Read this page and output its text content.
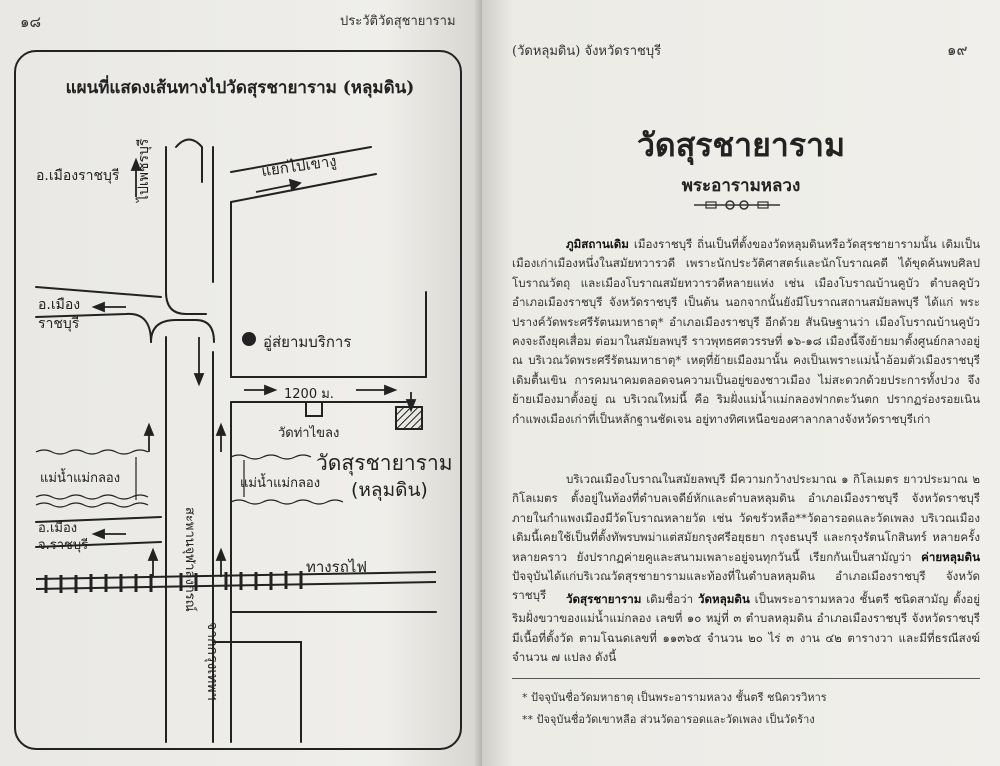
๑๘	ประวัติวัดสุชายาราม
แผนที่แสดงเส้นทางไปวัดสุรชายาราม (หลุมดิน)
ไปเพชรบุรี
อ.เมืองราชบุรี	แยกไปเขางู
อ.เมือง
ราชบุรี
อู่ส่ยามบริการ
1200 ม.
วัดท่าไขลง
วัดสุรชายาราม
(หลุมดิน)
แม่น้ำแม่กลอง	แม่น้ำแม่กลอง
สะพานจุฬาลงกรณ์
อ.เมือง
จ.ราชบุรี
ทางรถไฟ
จากกรุงเทพฯ
(วัดหลุมดิน) จังหวัดราชบุรี	๑๙
วัดสุรชายาราม
พระอารามหลวง
ภูมิสถานเดิม เมืองราชบุรี ถิ่นเป็นที่ตั้งของวัดหลุมดินหรือวัดสุรชายารามนั้น เดิมเป็นเมืองเก่าเมืองหนึ่งในสมัยทวารวดี เพราะนักประวัติศาสตร์และนักโบราณคดี ได้ขุดค้นพบศิลปโบราณวัตถุ และเมืองโบราณสมัยทวารวดีหลายแห่ง เช่น เมืองโบราณบ้านคูบัว ตำบลคูบัว อำเภอเมืองราชบุรี จังหวัดราชบุรี เป็นต้น นอกจากนั้นยังมีโบราณสถานสมัยลพบุรี ได้แก่ พระปรางค์วัดพระศรีรัตนมหาธาตุ* อำเภอเมืองราชบุรี อีกด้วย สันนิษฐานว่า เมืองโบราณบ้านคูบัว คงจะถึงยุคเสื่อม ต่อมาในสมัยลพบุรี ราวพุทธศตวรรษที่ ๑๖-๑๘ เมืองนี้จึงย้ายมาตั้งศูนย์กลางอยู่ ณ บริเวณวัดพระศรีรัตนมหาธาตุ* เหตุที่ย้ายเมืองมานั้น คงเป็นเพราะแม่น้ำอ้อมตัวเมืองราชบุรี เดิมตื้นเขิน การคมนาคมตลอดจนความเป็นอยู่ของชาวเมือง ไม่สะดวกด้วยประการทั้งปวง จึงย้ายเมืองมาตั้งอยู่ ณ บริเวณใหม่นี้ คือ ริมฝั่งแม่น้ำแม่กลองฟากตะวันตก ปรากฏร่องรอยเนินกำแพงเมืองเก่าที่เป็นหลักฐานชัดเจน อยู่ทางทิศเหนือของศาลากลางจังหวัดราชบุรีเก่า
บริเวณเมืองโบราณในสมัยลพบุรี มีความกว้างประมาณ ๑ กิโลเมตร ยาวประมาณ ๒ กิโลเมตร ตั้งอยู่ในท้องที่ตำบลเจดีย์หักและตำบลหลุมดิน อำเภอเมืองราชบุรี จังหวัดราชบุรี ภายในกำแพงเมืองมีวัดโบราณหลายวัด เช่น วัดขรัวหลือ**วัดอารอดและวัดเพลง บริเวณเมืองเดิมนี้เคยใช้เป็นที่ตั้งทัพรบพม่าแต่สมัยกรุงศรีอยุธยา กรุงธนบุรี และกรุงรัตนโกสินทร์ หลายครั้งหลายคราว ยังปรากฏค่ายคูและสนามเพลาะอยู่จนทุกวันนี้ เรียกกันเป็นสามัญว่า ค่ายหลุมดิน ปัจจุบันได้แก่บริเวณวัดสุรชายารามและท้องที่ในตำบลหลุมดิน อำเภอเมืองราชบุรี จังหวัดราชบุรี	วัดสุรชายาราม เดิมชื่อว่า วัดหลุมดิน เป็นพระอารามหลวง ชั้นตรี ชนิดสามัญ ตั้งอยู่ริมฝั่งขวาของแม่น้ำแม่กลอง เลขที่ ๑๐ หมู่ที่ ๓ ตำบลหลุมดิน อำเภอเมืองราชบุรี จังหวัดราชบุรี มีเนื้อที่ตั้งวัด ตามโฉนดเลขที่ ๑๑๓๖๕ จำนวน ๒๐ ไร่ ๓ งาน ๔๒ ตารางวา และมีที่ธรณีสงฆ์ จำนวน ๗ แปลง ดังนี้
* ปัจจุบันชื่อวัดมหาธาตุ เป็นพระอารามหลวง ชั้นตรี ชนิดวรวิหาร
** ปัจจุบันชื่อวัดเขาหลือ ส่วนวัดอารอดและวัดเพลง เป็นวัดร้าง
